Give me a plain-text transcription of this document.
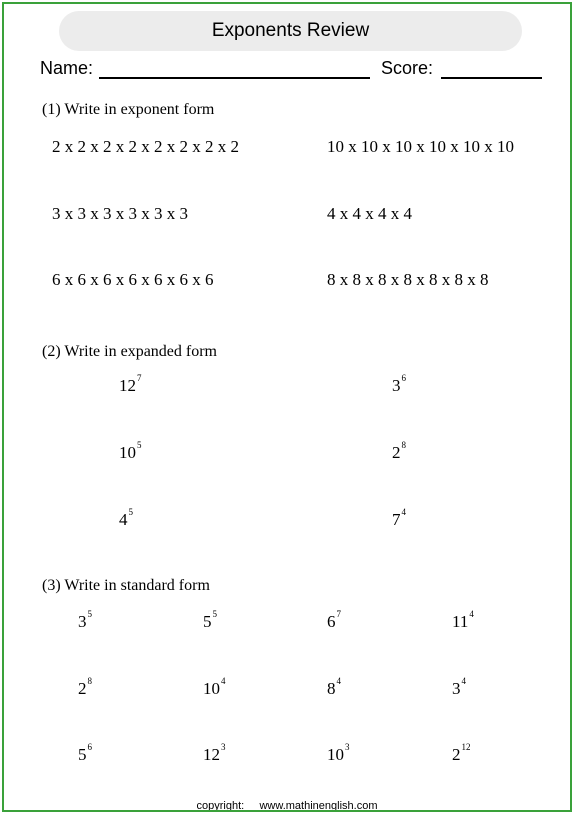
Exponents Review
Name:	Score:
(1) Write in exponent form
2 x 2 x 2 x 2 x 2 x 2 x 2 x 2	10 x 10 x 10 x 10 x 10 x 10
3 x 3 x 3 x 3 x 3 x 3	4 x 4 x 4 x 4
6 x 6 x 6 x 6 x 6 x 6 x 6	8 x 8 x 8 x 8 x 8 x 8 x 8
(2) Write in expanded form
$12^7$	$3^6$
$10^5$	$2^8$
$4^5$	$7^4$
(3) Write in standard form
$3^5$	$5^5$	$6^7$	$11^4$
$2^8$	$10^4$	$8^4$	$3^4$
$5^6$	$12^3$	$10^3$	$2^{12}$
copyright: www.mathinenglish.com
